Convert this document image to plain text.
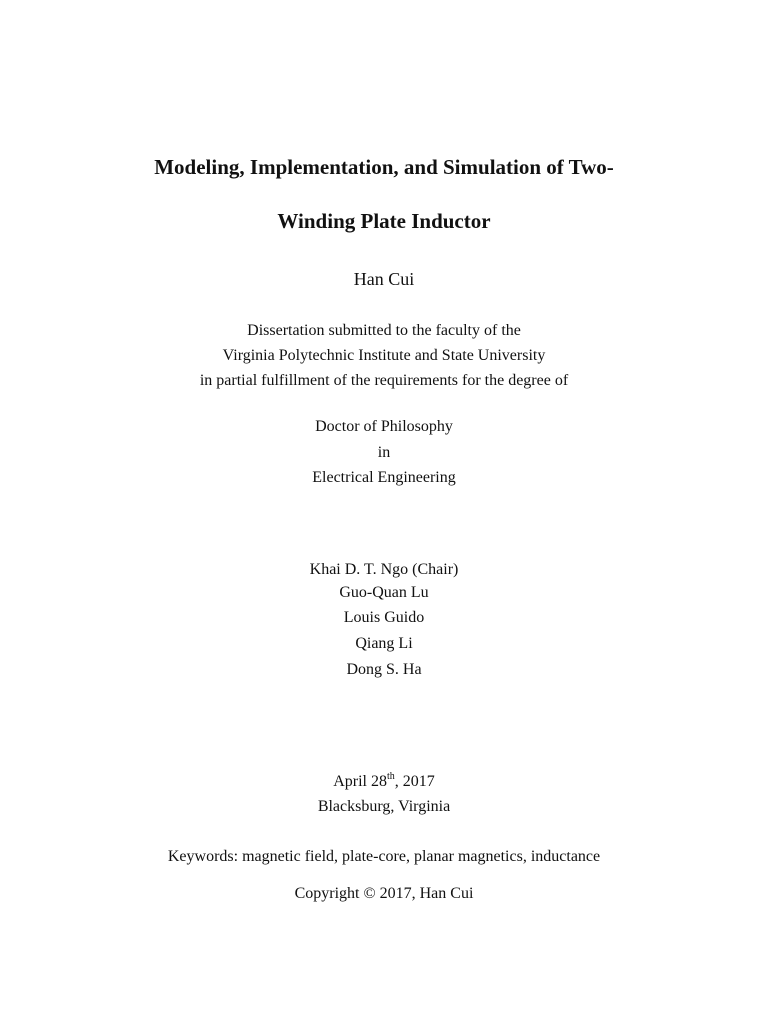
Modeling, Implementation, and Simulation of Two-
Winding Plate Inductor
Han Cui
Dissertation submitted to the faculty of the
Virginia Polytechnic Institute and State University
in partial fulfillment of the requirements for the degree of
Doctor of Philosophy
in
Electrical Engineering
Khai D. T. Ngo (Chair)
Guo-Quan Lu
Louis Guido
Qiang Li
Dong S. Ha
April 28th, 2017
Blacksburg, Virginia
Keywords: magnetic field, plate-core, planar magnetics, inductance
Copyright © 2017, Han Cui
